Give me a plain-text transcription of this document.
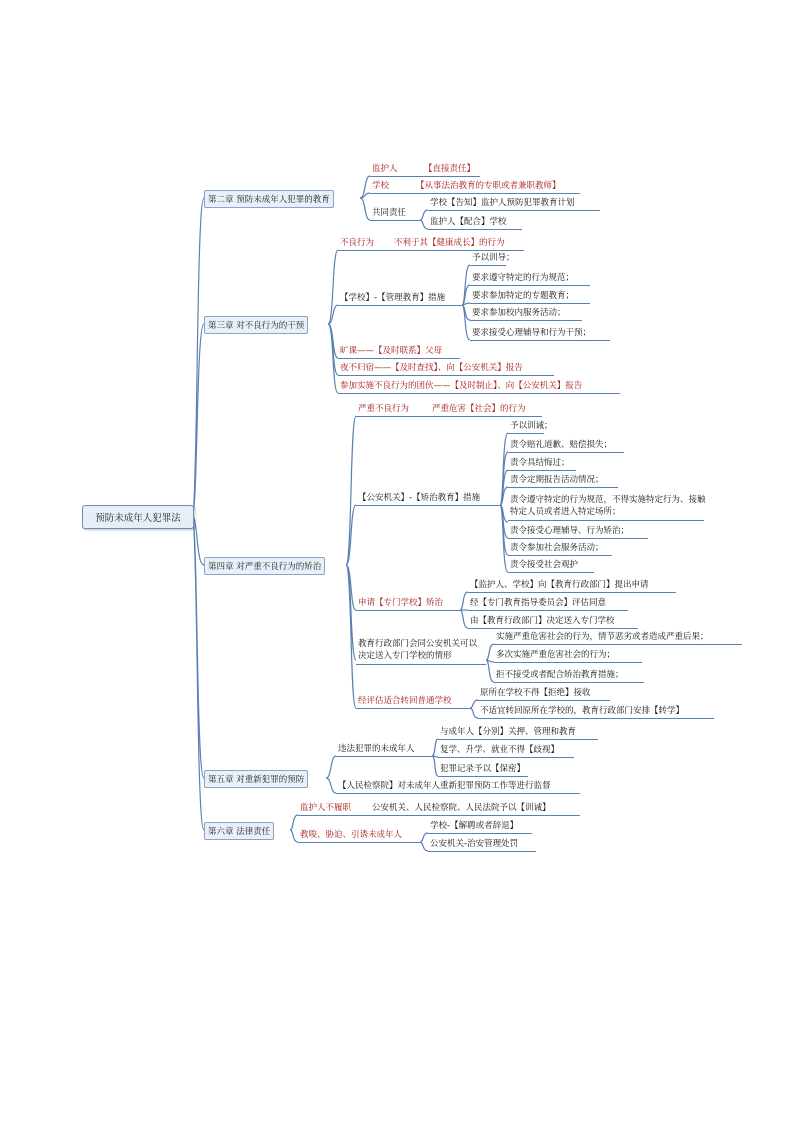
预防未成年人犯罪法
第二章 预防未成年人犯罪的教育
监护人	【直接责任】
学校	【从事法治教育的专职或者兼职教师】
共同责任
学校【告知】监护人预防犯罪教育计划
监护人【配合】学校
第三章 对不良行为的干预
不良行为 不利于其【健康成长】的行为
【学校】-【管理教育】措施
予以训导；
要求遵守特定的行为规范；
要求参加特定的专题教育；
要求参加校内服务活动；
要求接受心理辅导和行为干预；
旷课——【及时联系】父母
夜不归宿——【及时查找】、向【公安机关】报告
参加实施不良行为的团伙——【及时制止】、向【公安机关】报告
第四章 对严重不良行为的矫治
严重不良行为	严重危害【社会】的行为
【公安机关】-【矫治教育】措施
予以训诫；
责令赔礼道歉、赔偿损失；
责令具结悔过；
责令定期报告活动情况；
责令遵守特定的行为规范，不得实施特定行为、接触特定人员或者进入特定场所；
责令接受心理辅导、行为矫治；
责令参加社会服务活动；
责令接受社会观护
申请【专门学校】矫治
【监护人、学校】向【教育行政部门】提出申请
经【专门教育指导委员会】评估同意
由【教育行政部门】决定送入专门学校
教育行政部门会同公安机关可以决定送入专门学校的情形
实施严重危害社会的行为，情节恶劣或者造成严重后果；
多次实施严重危害社会的行为；
拒不接受或者配合矫治教育措施；
经评估适合转回普通学校
原所在学校不得【拒绝】接收
不适宜转回原所在学校的，教育行政部门安排【转学】
第五章 对重新犯罪的预防
违法犯罪的未成年人
与成年人【分别】关押、管理和教育
复学、升学、就业不得【歧视】
犯罪记录予以【保密】
【人民检察院】对未成年人重新犯罪预防工作等进行监督
第六章 法律责任
监护人不履职 公安机关、人民检察院、人民法院予以【训诫】
教唆、胁迫、引诱未成年人
学校-【解聘或者辞退】
公安机关-治安管理处罚
